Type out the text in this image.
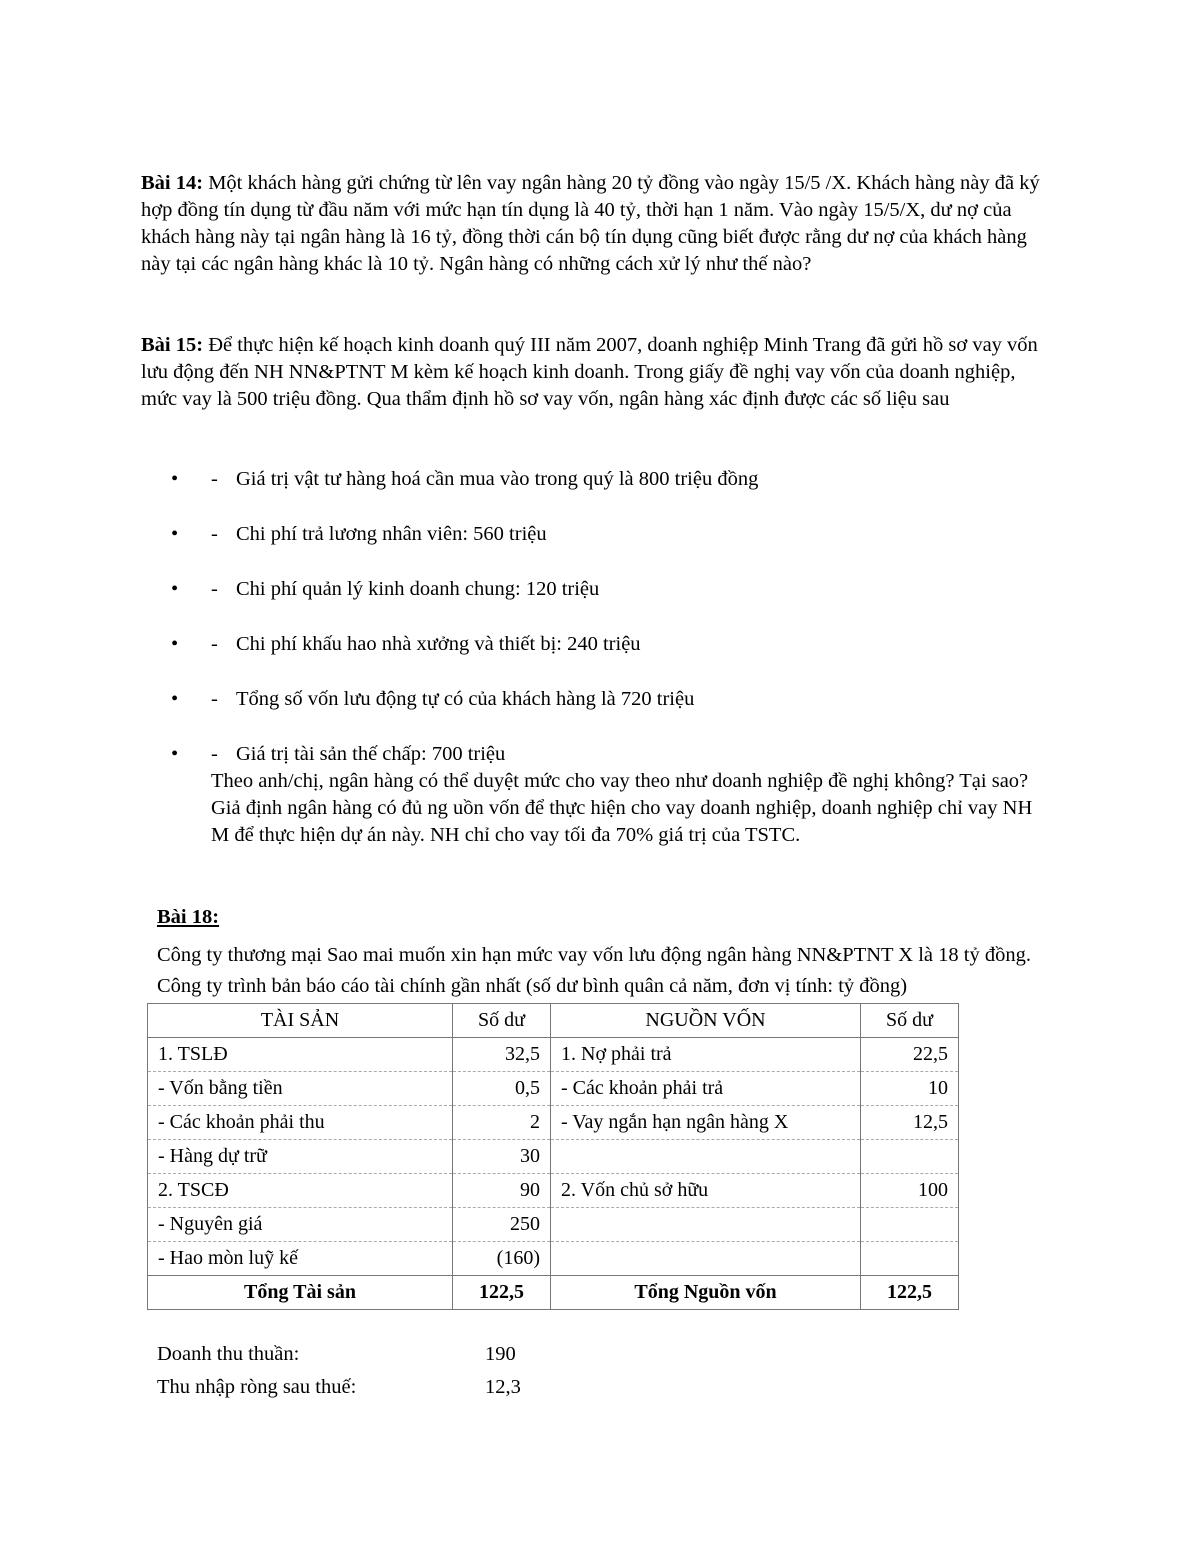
Bài 14: Một khách hàng gửi chứng từ lên vay ngân hàng 20 tỷ đồng vào ngày 15/5 /X. Khách hàng này đã ký hợp đồng tín dụng từ đầu năm với mức hạn tín dụng là 40 tỷ, thời hạn 1 năm. Vào ngày 15/5/X, dư nợ của khách hàng này tại ngân hàng là 16 tỷ, đồng thời cán bộ tín dụng cũng biết được rằng dư nợ của khách hàng này tại các ngân hàng khác là 10 tỷ. Ngân hàng có những cách xử lý như thế nào?

Bài 15: Để thực hiện kế hoạch kinh doanh quý III năm 2007, doanh nghiệp Minh Trang đã gửi hồ sơ vay vốn lưu động đến NH NN&PTNT M kèm kế hoạch kinh doanh. Trong giấy đề nghị vay vốn của doanh nghiệp, mức vay là 500 triệu đồng. Qua thẩm định hồ sơ vay vốn, ngân hàng xác định được các số liệu sau

•	- Giá trị vật tư hàng hoá cần mua vào trong quý là 800 triệu đồng
•	- Chi phí trả lương nhân viên: 560 triệu
•	- Chi phí quản lý kinh doanh chung: 120 triệu
•	- Chi phí khấu hao nhà xưởng và thiết bị: 240 triệu
•	- Tổng số vốn lưu động tự có của khách hàng là 720 triệu
•	- Giá trị tài sản thế chấp: 700 triệu
Theo anh/chị, ngân hàng có thể duyệt mức cho vay theo như doanh nghiệp đề nghị không? Tại sao? Giả định ngân hàng có đủ ng uồn vốn để thực hiện cho vay doanh nghiệp, doanh nghiệp chỉ vay NH M để thực hiện dự án này. NH chỉ cho vay tối đa 70% giá trị của TSTC.
Bài 18:
Công ty thương mại Sao mai muốn xin hạn mức vay vốn lưu động ngân hàng NN&PTNT X là 18 tỷ đồng. Công ty trình bản báo cáo tài chính gần nhất (số dư bình quân cả năm, đơn vị tính: tỷ đồng)
TÀI SẢN	Số dư	NGUỒN VỐN	Số dư
1. TSLĐ	32,5	1. Nợ phải trả	22,5
- Vốn bằng tiền	0,5	- Các khoản phải trả	10
- Các khoản phải thu	2	- Vay ngắn hạn ngân hàng X	12,5
- Hàng dự trữ	30		
2. TSCĐ	90	2. Vốn chủ sở hữu	100
- Nguyên giá	250		
- Hao mòn luỹ kế	(160)		
Tổng Tài sản	122,5	Tổng Nguồn vốn	122,5
Doanh thu thuần:	190
Thu nhập ròng sau thuế:	12,3
